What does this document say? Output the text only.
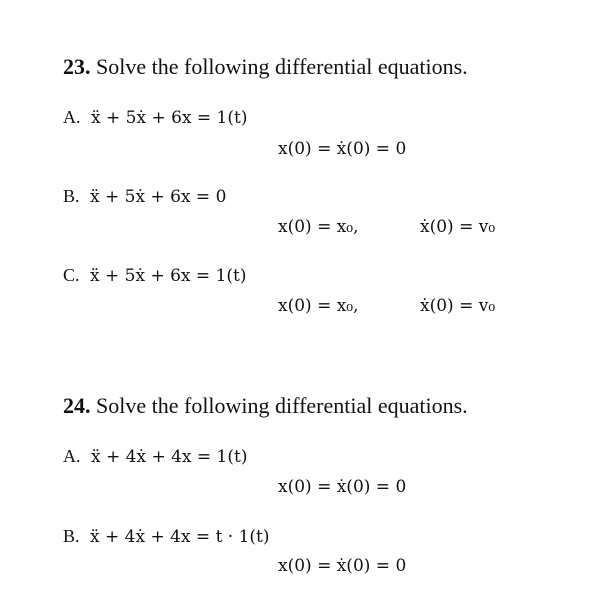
23. Solve the following differential equations.
A. ẍ + 5ẋ + 6x = 1(t)
x(0) = ẋ(0) = 0
B. ẍ + 5ẋ + 6x = 0
x(0) = x₀,	ẋ(0) = v₀
C. ẍ + 5ẋ + 6x = 1(t)
x(0) = x₀,	ẋ(0) = v₀
24. Solve the following differential equations.
A. ẍ + 4ẋ + 4x = 1(t)
x(0) = ẋ(0) = 0
B. ẍ + 4ẋ + 4x = t · 1(t)
x(0) = ẋ(0) = 0
